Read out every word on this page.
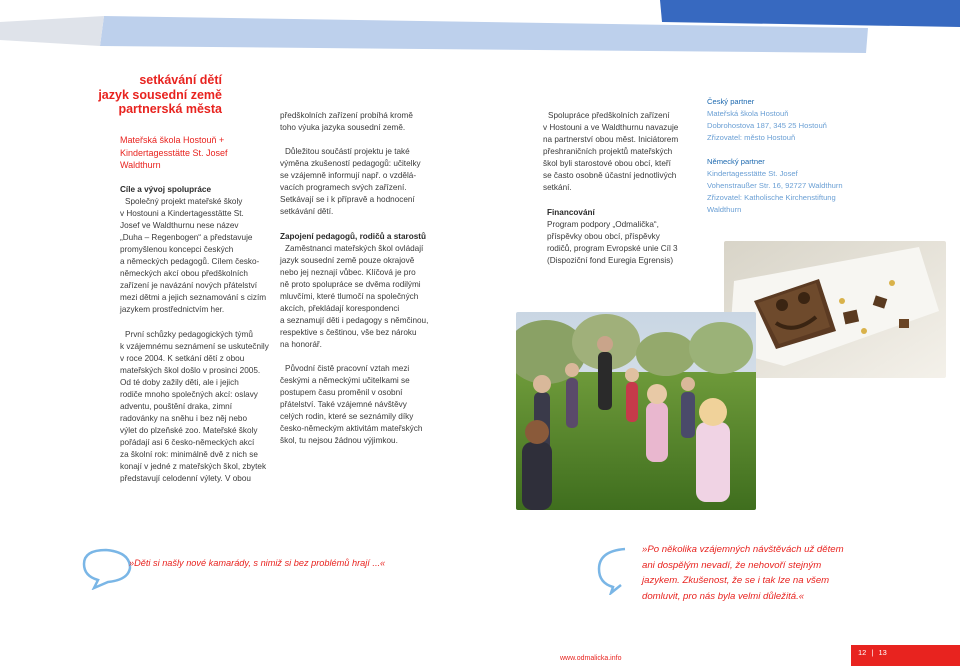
setkávání dětí
jazyk sousední země
partnerská města
Mateřská škola Hostouň +
Kindertagesstätte St. Josef
Waldthurn
Cíle a vývoj spolupráce

Společný projekt mateřské školy

v Hostouni a Kindertagesstätte St.

Josef ve Waldthurnu nese název

„Duha – Regenbogen“ a představuje

promyšlenou koncepci českých

a německých pedagogů. Cílem česko-

německých akcí obou předškolních

zařízení je navázání nových přátelství

mezi dětmi a jejich seznamování s cizím

jazykem prostřednictvím her.

První schůzky pedagogických týmů

k vzájemnému seznámení se uskutečnily

v roce 2004. K setkání dětí z obou

mateřských škol došlo v prosinci 2005.

Od té doby zažily děti, ale i jejich

rodiče mnoho společných akcí: oslavy

adventu, pouštění draka, zimní

radovánky na sněhu i bez něj nebo

výlet do plzeňské zoo. Mateřské školy

pořádají asi 6 česko-německých akcí

za školní rok: minimálně dvě z nich se

konají v jedné z mateřských škol, zbytek

představují celodenní výlety. V obou

předškolních zařízení probíhá kromě

toho výuka jazyka sousední země.

Důležitou součástí projektu je také

výměna zkušeností pedagogů: učitelky

se vzájemně informují např. o vzdělá-

vacích programech svých zařízení.

Setkávají se i k přípravě a hodnocení

setkávání dětí.

Zapojení pedagogů, rodičů a starostů

Zaměstnanci mateřských škol ovládají

jazyk sousední země pouze okrajově

nebo jej neznají vůbec. Klíčová je pro

ně proto spolupráce se dvěma rodilými

mluvčími, které tlumočí na společných

akcích, překládají korespondenci

a seznamují děti i pedagogy s němčinou,

respektive s češtinou, vše bez nároku

na honorář.

Původní čistě pracovní vztah mezi

českými a německými učitelkami se

postupem času proměnil v osobní

přátelství. Také vzájemné návštěvy

celých rodin, které se seznámily díky

česko-německým aktivitám mateřských

škol, tu nejsou žádnou výjimkou.

Spolupráce předškolních zařízení

v Hostouni a ve Waldthurnu navazuje

na partnerství obou měst. Iniciátorem

přeshraničních projektů mateřských

škol byli starostové obou obcí, kteří

se často osobně účastní jednotlivých

setkání.

Financování

Program podpory „Odmalička“,

příspěvky obou obcí, příspěvky

rodičů, program Evropské unie Cíl 3

(Dispoziční fond Euregia Egrensis)

Český partner
Mateřská škola Hostouň
Dobrohostova 187, 345 25 Hostouň
Zřizovatel: město Hostouň
Německý partner
Kindertagesstätte St. Josef
Vohenstraußer Str. 16, 92727 Waldthurn
Zřizovatel: Katholische Kirchenstiftung
Waldthurn
»Děti si našly nové kamarády, s nimiž si bez problémů hrají ...«
»Po několika vzájemných návštěvách už dětem
ani dospělým nevadí, že nehovoří stejným
jazykem. Zkušenost, že se i tak lze na všem
domluvit, pro nás byla velmi důležitá.«
www.odmalicka.info
12 | 13
